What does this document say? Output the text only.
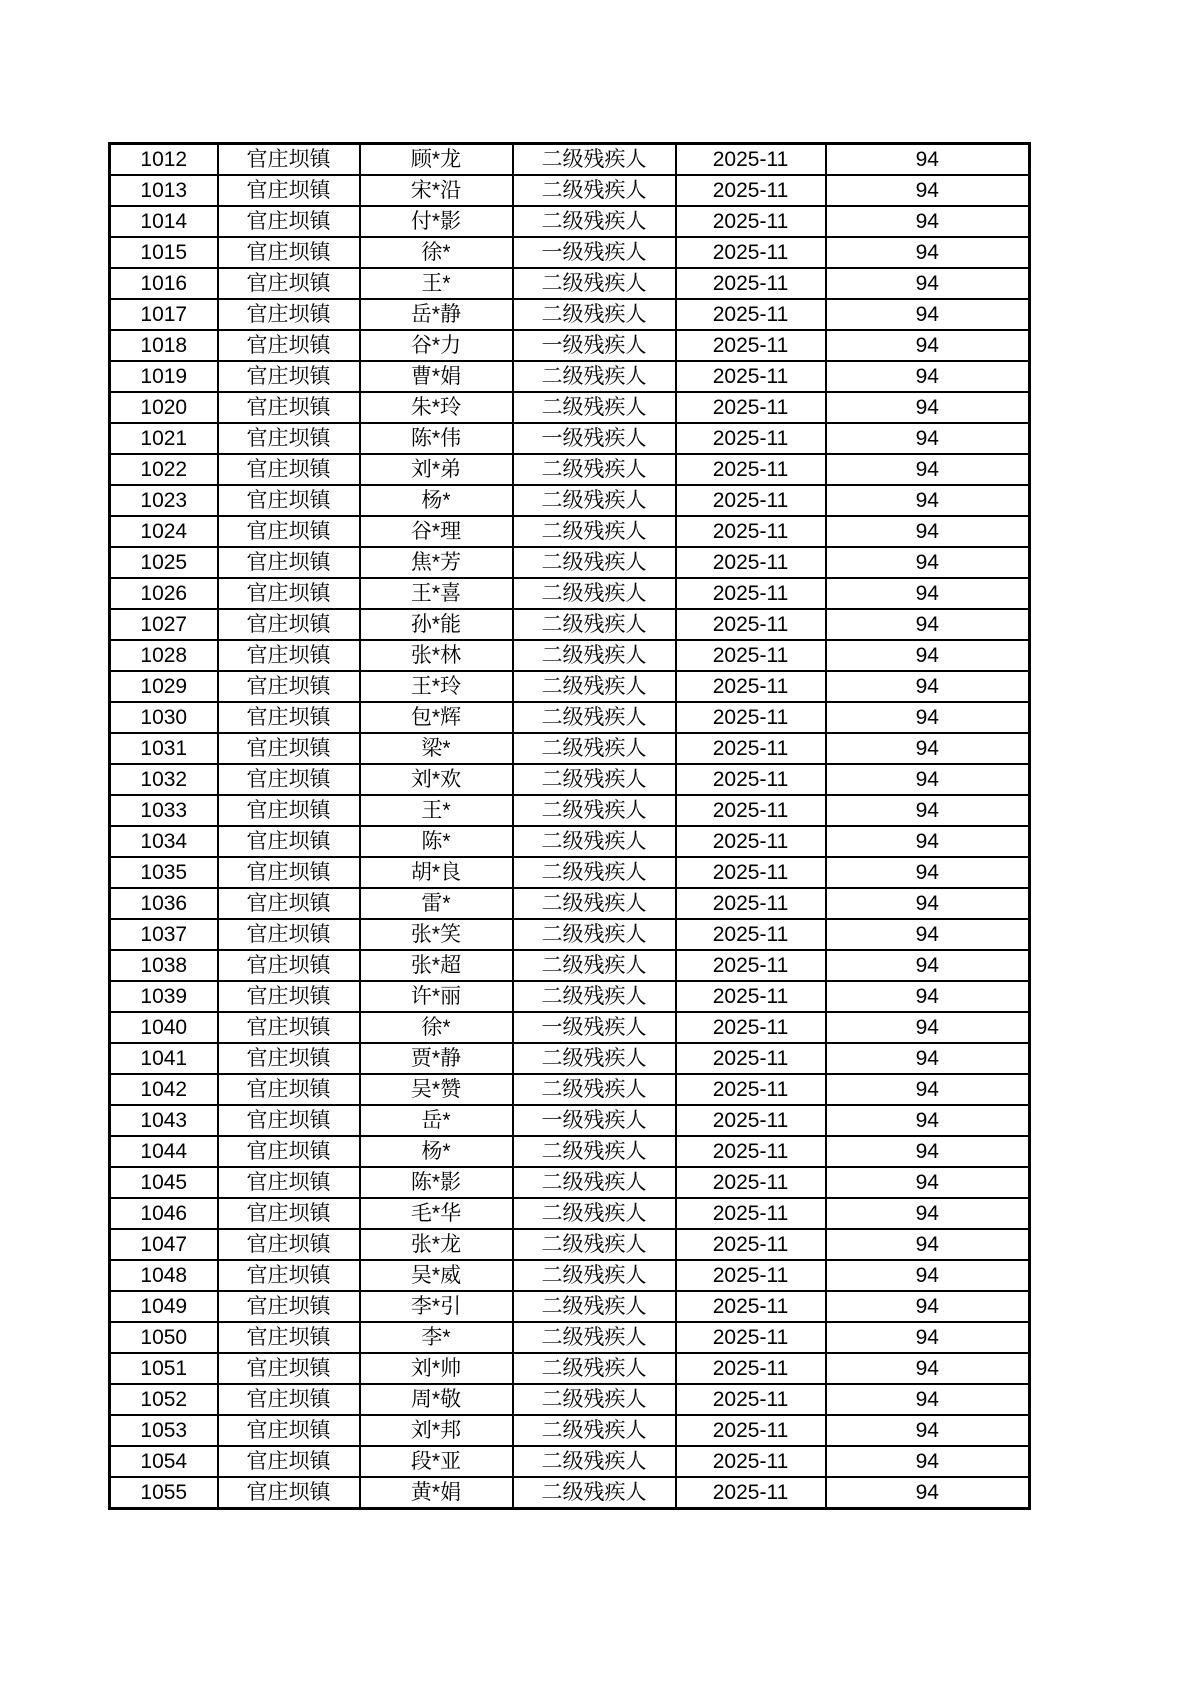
1012	官庄坝镇	顾*龙	二级残疾人	2025-11	94
1013	官庄坝镇	宋*沿	二级残疾人	2025-11	94
1014	官庄坝镇	付*影	二级残疾人	2025-11	94
1015	官庄坝镇	徐*	一级残疾人	2025-11	94
1016	官庄坝镇	王*	二级残疾人	2025-11	94
1017	官庄坝镇	岳*静	二级残疾人	2025-11	94
1018	官庄坝镇	谷*力	一级残疾人	2025-11	94
1019	官庄坝镇	曹*娟	二级残疾人	2025-11	94
1020	官庄坝镇	朱*玲	二级残疾人	2025-11	94
1021	官庄坝镇	陈*伟	一级残疾人	2025-11	94
1022	官庄坝镇	刘*弟	二级残疾人	2025-11	94
1023	官庄坝镇	杨*	二级残疾人	2025-11	94
1024	官庄坝镇	谷*理	二级残疾人	2025-11	94
1025	官庄坝镇	焦*芳	二级残疾人	2025-11	94
1026	官庄坝镇	王*喜	二级残疾人	2025-11	94
1027	官庄坝镇	孙*能	二级残疾人	2025-11	94
1028	官庄坝镇	张*林	二级残疾人	2025-11	94
1029	官庄坝镇	王*玲	二级残疾人	2025-11	94
1030	官庄坝镇	包*辉	二级残疾人	2025-11	94
1031	官庄坝镇	梁*	二级残疾人	2025-11	94
1032	官庄坝镇	刘*欢	二级残疾人	2025-11	94
1033	官庄坝镇	王*	二级残疾人	2025-11	94
1034	官庄坝镇	陈*	二级残疾人	2025-11	94
1035	官庄坝镇	胡*良	二级残疾人	2025-11	94
1036	官庄坝镇	雷*	二级残疾人	2025-11	94
1037	官庄坝镇	张*笑	二级残疾人	2025-11	94
1038	官庄坝镇	张*超	二级残疾人	2025-11	94
1039	官庄坝镇	许*丽	二级残疾人	2025-11	94
1040	官庄坝镇	徐*	一级残疾人	2025-11	94
1041	官庄坝镇	贾*静	二级残疾人	2025-11	94
1042	官庄坝镇	吴*赞	二级残疾人	2025-11	94
1043	官庄坝镇	岳*	一级残疾人	2025-11	94
1044	官庄坝镇	杨*	二级残疾人	2025-11	94
1045	官庄坝镇	陈*影	二级残疾人	2025-11	94
1046	官庄坝镇	毛*华	二级残疾人	2025-11	94
1047	官庄坝镇	张*龙	二级残疾人	2025-11	94
1048	官庄坝镇	吴*威	二级残疾人	2025-11	94
1049	官庄坝镇	李*引	二级残疾人	2025-11	94
1050	官庄坝镇	李*	二级残疾人	2025-11	94
1051	官庄坝镇	刘*帅	二级残疾人	2025-11	94
1052	官庄坝镇	周*敬	二级残疾人	2025-11	94
1053	官庄坝镇	刘*邦	二级残疾人	2025-11	94
1054	官庄坝镇	段*亚	二级残疾人	2025-11	94
1055	官庄坝镇	黄*娟	二级残疾人	2025-11	94
